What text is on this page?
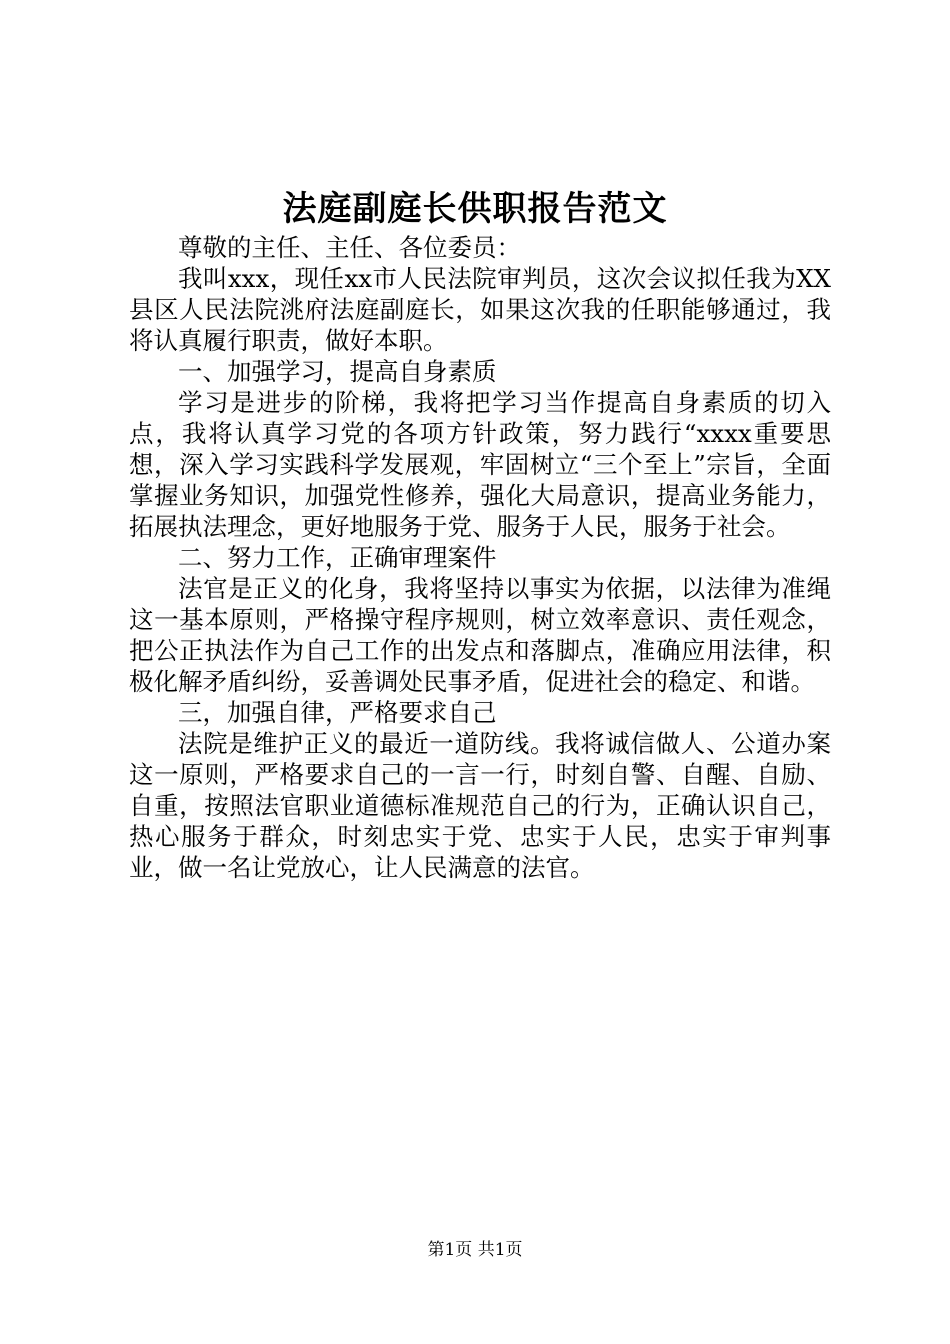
法庭副庭长供职报告范文

尊敬的主任、主任、各位委员：

我叫xxx，现任xx市人民法院审判员，这次会议拟任我为XX县区人民法院洮府法庭副庭长，如果这次我的任职能够通过，我将认真履行职责，做好本职。

一、加强学习，提高自身素质

学习是进步的阶梯，我将把学习当作提高自身素质的切入点，我将认真学习党的各项方针政策，努力践行“xxxx重要思想，深入学习实践科学发展观，牢固树立“三个至上”宗旨，全面掌握业务知识，加强党性修养，强化大局意识，提高业务能力，拓展执法理念，更好地服务于党、服务于人民，服务于社会。

二、努力工作，正确审理案件

法官是正义的化身，我将坚持以事实为依据，以法律为准绳这一基本原则，严格操守程序规则，树立效率意识、责任观念，把公正执法作为自己工作的出发点和落脚点，准确应用法律，积极化解矛盾纠纷，妥善调处民事矛盾，促进社会的稳定、和谐。

三，加强自律，严格要求自己

法院是维护正义的最近一道防线。我将诚信做人、公道办案这一原则，严格要求自己的一言一行，时刻自警、自醒、自励、自重，按照法官职业道德标准规范自己的行为，正确认识自己，热心服务于群众，时刻忠实于党、忠实于人民，忠实于审判事业，做一名让党放心，让人民满意的法官。

第1页 共1页
